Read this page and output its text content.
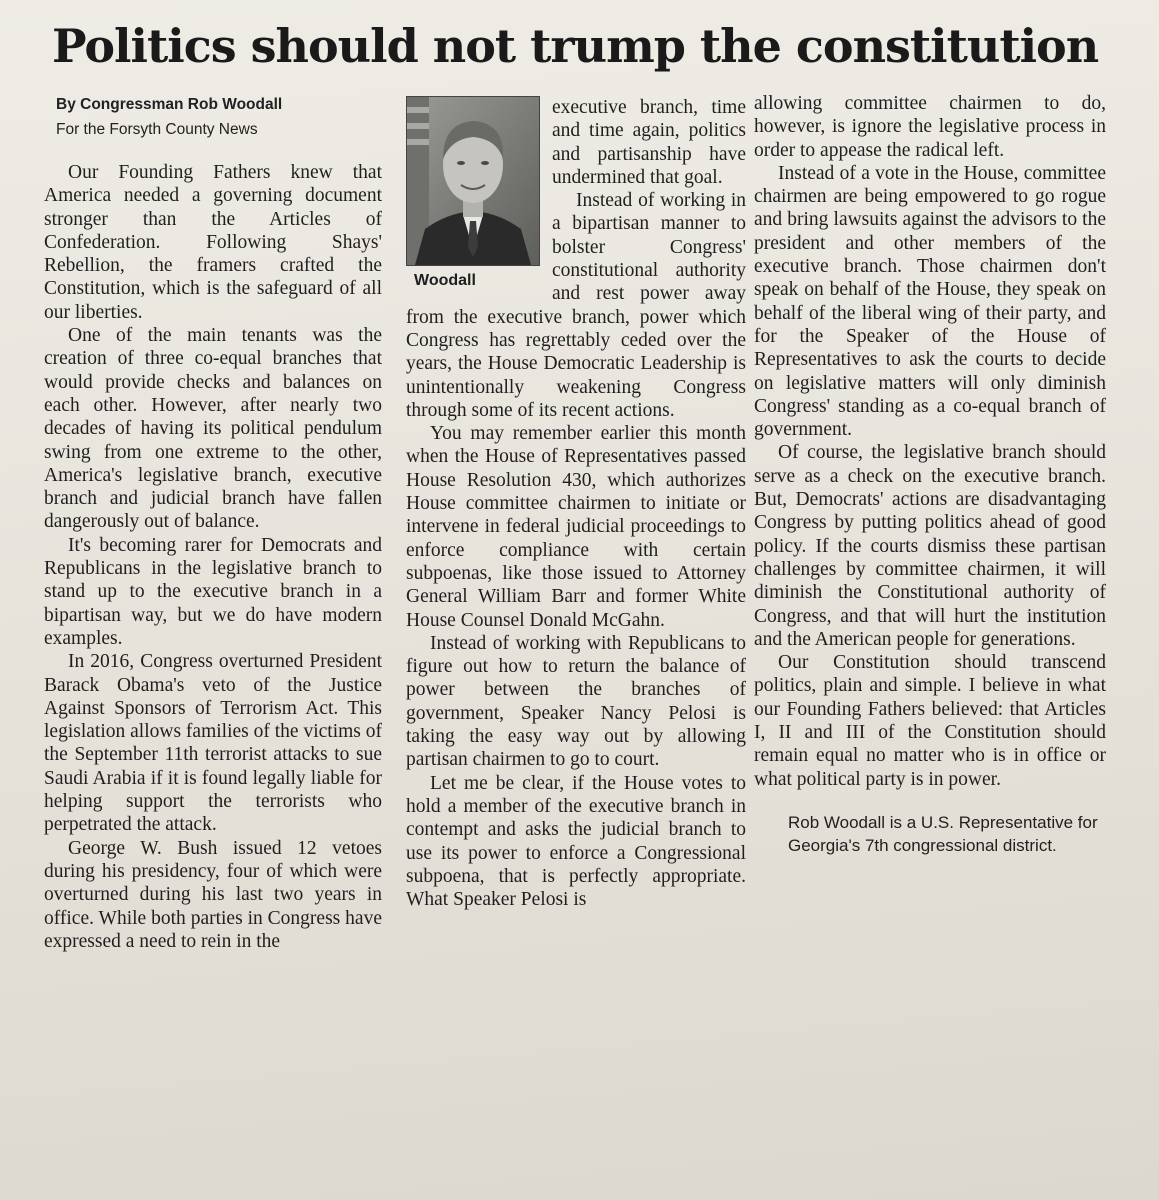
Politics should not trump the constitution
By Congressman Rob Woodall
For the Forsyth County News

Our Founding Fathers knew that America needed a governing document stronger than the Articles of Confederation. Following Shays' Rebellion, the framers crafted the Constitution, which is the safeguard of all our liberties.

One of the main tenants was the creation of three co-equal branches that would provide checks and balances on each other. However, after nearly two decades of having its political pendulum swing from one extreme to the other, America's legislative branch, executive branch and judicial branch have fallen dangerously out of balance.

It's becoming rarer for Democrats and Republicans in the legislative branch to stand up to the executive branch in a bipartisan way, but we do have modern examples.

In 2016, Congress overturned President Barack Obama's veto of the Justice Against Sponsors of Terrorism Act. This legislation allows families of the victims of the September 11th terrorist attacks to sue Saudi Arabia if it is found legally liable for helping support the terrorists who perpetrated the attack.

George W. Bush issued 12 vetoes during his presidency, four of which were overturned during his last two years in office. While both parties in Congress have expressed a need to rein in the

Woodall

executive branch, time and time again, politics and partisanship have undermined that goal.

Instead of working in a bipartisan manner to bolster Congress' constitutional authority and rest power away from the executive branch, power which Congress has regrettably ceded over the years, the House Democratic Leadership is unintentionally weakening Congress through some of its recent actions.

You may remember earlier this month when the House of Representatives passed House Resolution 430, which authorizes House committee chairmen to initiate or intervene in federal judicial proceedings to enforce compliance with certain subpoenas, like those issued to Attorney General William Barr and former White House Counsel Donald McGahn.

Instead of working with Republicans to figure out how to return the balance of power between the branches of government, Speaker Nancy Pelosi is taking the easy way out by allowing partisan chairmen to go to court.

Let me be clear, if the House votes to hold a member of the executive branch in contempt and asks the judicial branch to use its power to enforce a Congressional subpoena, that is perfectly appropriate. What Speaker Pelosi is

allowing committee chairmen to do, however, is ignore the legislative process in order to appease the radical left.

Instead of a vote in the House, committee chairmen are being empowered to go rogue and bring lawsuits against the advisors to the president and other members of the executive branch. Those chairmen don't speak on behalf of the House, they speak on behalf of the liberal wing of their party, and for the Speaker of the House of Representatives to ask the courts to decide on legislative matters will only diminish Congress' standing as a co-equal branch of government.

Of course, the legislative branch should serve as a check on the executive branch. But, Democrats' actions are disadvantaging Congress by putting politics ahead of good policy. If the courts dismiss these partisan challenges by committee chairmen, it will diminish the Constitutional authority of Congress, and that will hurt the institution and the American people for generations.

Our Constitution should transcend politics, plain and simple. I believe in what our Founding Fathers believed: that Articles I, II and III of the Constitution should remain equal no matter who is in office or what political party is in power.

Rob Woodall is a U.S. Representative for Georgia's 7th congressional district.
